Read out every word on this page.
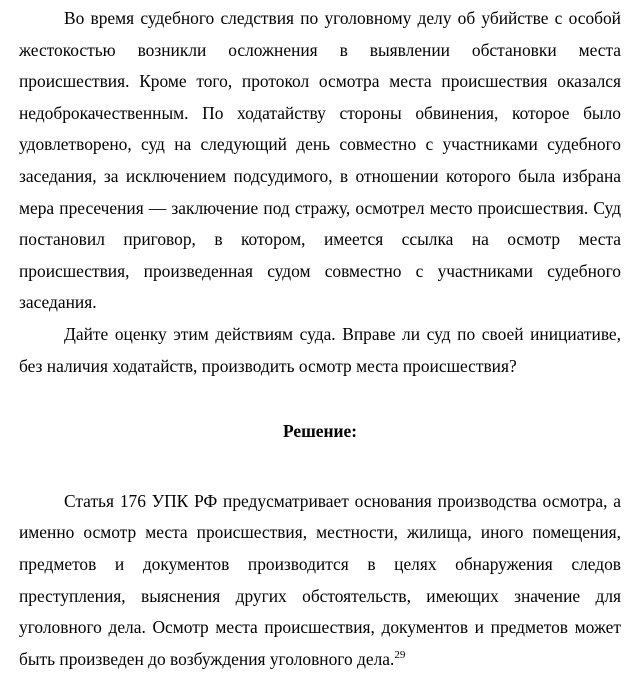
Во время судебного следствия по уголовному делу об убийстве с особой жестокостью возникли осложнения в выявлении обстановки места происшествия. Кроме того, протокол осмотра места происшествия оказался недоброкачественным. По ходатайству стороны обвинения, которое было удовлетворено, суд на следующий день совместно с участниками судебного заседания, за исключением подсудимого, в отношении которого была избрана мера пресечения — заключение под стражу, осмотрел место происшествия. Суд постановил приговор, в котором, имеется ссылка на осмотр места происшествия, произведенная судом совместно с участниками судебного заседания.

Дайте оценку этим действиям суда. Вправе ли суд по своей инициативе, без наличия ходатайств, производить осмотр места происшествия?

Решение:

Статья 176 УПК РФ предусматривает основания производства осмотра, а именно осмотр места происшествия, местности, жилища, иного помещения, предметов и документов производится в целях обнаружения следов преступления, выяснения других обстоятельств, имеющих значение для уголовного дела. Осмотр места происшествия, документов и предметов может быть произведен до возбуждения уголовного дела.$^{29}$
